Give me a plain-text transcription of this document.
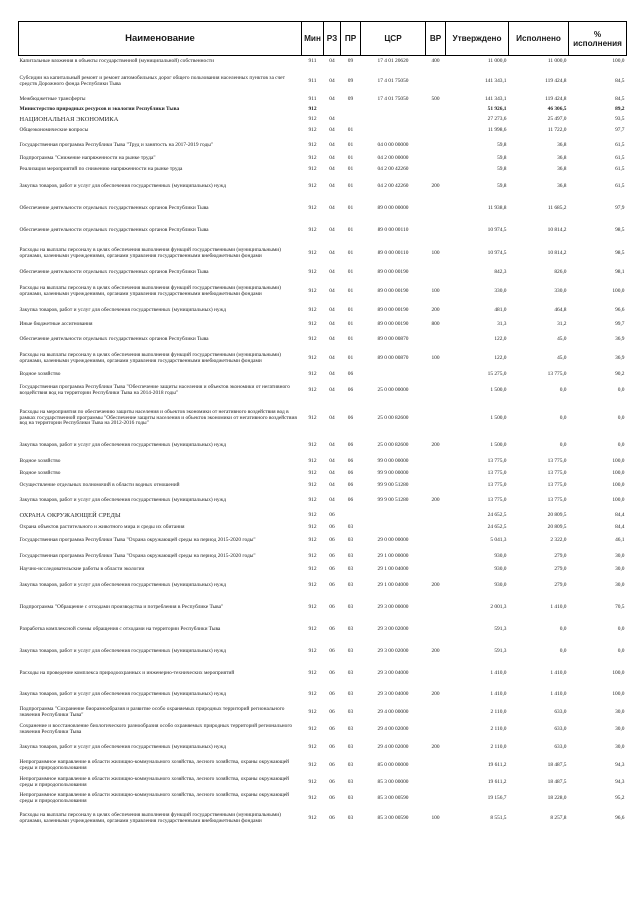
Наименование	Мин	РЗ	ПР	ЦСР	ВР	Утверждено	Исполнено	%
исполнения
Капитальные вложения в объекты государственной (муниципальной) собственности	911	04	09	17 4 01 20620	400	11 000,0	11 000,0	100,0
Субсидии на капитальный ремонт и ремонт автомобильных дорог общего пользования населенных пунктов за счет средств Дорожного фонда Республики Тыва	911	04	09	17 4 01 75050		141 343,1	119 424,8	84,5
Межбюджетные трансферты	911	04	09	17 4 01 75050	500	141 343,1	119 424,8	84,5
Министерство природных ресурсов и экологии Республики Тыва	912					51 926,1	46 306,5	89,2
НАЦИОНАЛЬНАЯ ЭКОНОМИКА	912	04				27 273,6	25 497,0	93,5
Общеэкономические вопросы	912	04	01			11 998,6	11 722,0	97,7
Государственная программа Республики Тыва "Труд и занятость на 2017-2019 годы"	912	04	01	04 0 00 00000		59,8	36,8	61,5
Подпрограмма "Снижение напряженности на рынке труда"	912	04	01	04 2 00 00000		59,8	36,8	61,5
Реализация мероприятий по снижению напряженности на рынке труда	912	04	01	04 2 00 42260		59,8	36,8	61,5
Закупка товаров, работ и услуг для обеспечения государственных (муниципальных) нужд	912	04	01	04 2 00 42260	200	59,8	36,8	61,5
Обеспечение деятельности отдельных государственных органов Республики Тыва	912	04	01	89 0 00 00000		11 938,8	11 685,2	97,9
Обеспечение деятельности отдельных государственных органов Республики Тыва	912	04	01	89 0 00 00110		10 974,5	10 814,2	98,5
Расходы на выплаты персоналу в целях обеспечения выполнения функций государственными (муниципальными) органами, казенными учреждениями, органами управления государственными внебюджетными фондами	912	04	01	89 0 00 00110	100	10 974,5	10 814,2	98,5
Обеспечение деятельности отдельных государственных органов Республики Тыва	912	04	01	89 0 00 00190		842,3	826,0	98,1
Расходы на выплаты персоналу в целях обеспечения выполнения функций государственными (муниципальными) органами, казенными учреждениями, органами управления государственными внебюджетными фондами	912	04	01	89 0 00 00190	100	330,0	330,0	100,0
Закупка товаров, работ и услуг для обеспечения государственных (муниципальных) нужд	912	04	01	89 0 00 00190	200	481,0	464,8	96,6
Иные бюджетные ассигнования	912	04	01	89 0 00 00190	800	31,3	31,2	99,7
Обеспечение деятельности отдельных государственных органов Республики Тыва	912	04	01	89 0 00 00870		122,0	45,0	36,9
Расходы на выплаты персоналу в целях обеспечения выполнения функций государственными (муниципальными) органами, казенными учреждениями, органами управления государственными внебюджетными фондами	912	04	01	89 0 00 00870	100	122,0	45,0	36,9
Водное хозяйство	912	04	06			15 275,0	13 775,0	90,2
Государственная программа Республики Тыва "Обеспечение защиты населения и объектов экономики от негативного воздействия вод на территории Республики Тыва на 2014-2018 годы"	912	04	06	25 0 00 00000		1 500,0	0,0	0,0
Расходы на мероприятия по обеспечению защиты населения и объектов экономики от негативного воздействия вод в рамках государственной программы "Обеспечение защиты населения и объектов экономики от негативного воздействия вод на территории Республики Тыва на 2012-2016 годы"	912	04	06	25 0 00 82600		1 500,0	0,0	0,0
Закупка товаров, работ и услуг для обеспечения государственных (муниципальных) нужд	912	04	06	25 0 00 82600	200	1 500,0	0,0	0,0
Водное хозяйство	912	04	06	99 0 00 00000		13 775,0	13 775,0	100,0
Водное хозяйство	912	04	06	99 9 00 00000		13 775,0	13 775,0	100,0
Осуществление отдельных полномочий в области водных отношений	912	04	06	99 9 00 51280		13 775,0	13 775,0	100,0
Закупка товаров, работ и услуг для обеспечения государственных (муниципальных) нужд	912	04	06	99 9 00 51280	200	13 775,0	13 775,0	100,0
ОХРАНА ОКРУЖАЮЩЕЙ СРЕДЫ	912	06				24 652,5	20 809,5	84,4
Охрана объектов растительного и животного мира и среды их обитания	912	06	03			24 652,5	20 809,5	84,4
Государственная программа Республики Тыва "Охрана окружающей среды на период 2015-2020 годы"	912	06	03	29 0 00 00000		5 041,3	2 322,0	46,1
Государственная программа Республики Тыва "Охрана окружающей среды на период 2015-2020 годы"	912	06	03	29 1 00 00000		930,0	279,0	30,0
Научно-исследовательские работы в области экологии	912	06	03	29 1 00 04000		930,0	279,0	30,0
Закупка товаров, работ и услуг для обеспечения государственных (муниципальных) нужд	912	06	03	29 1 00 04000	200	930,0	279,0	30,0
Подпрограмма "Обращение с отходами производства и потребления в Республике Тыва"	912	06	03	29 3 00 00000		2 001,3	1 410,0	70,5
Разработка комплексной схемы обращения с отходами на территории Республики Тыва	912	06	03	29 3 00 02000		591,3	0,0	0,0
Закупка товаров, работ и услуг для обеспечения государственных (муниципальных) нужд	912	06	03	29 3 00 02000	200	591,3	0,0	0,0
Расходы на проведение комплекса природоохранных и инженерно-технических мероприятий	912	06	03	29 3 00 04000		1 410,0	1 410,0	100,0
Закупка товаров, работ и услуг для обеспечения государственных (муниципальных) нужд	912	06	03	29 3 00 04000	200	1 410,0	1 410,0	100,0
Подпрограмма "Сохранение биоразнообразия и развитие особо охраняемых природных территорий регионального значения Республики Тыва"	912	06	03	29 4 00 00000		2 110,0	633,0	30,0
Сохранение и восстановление биологического разнообразия особо охраняемых природных территорий регионального значения Республики Тыва	912	06	03	29 4 00 02000		2 110,0	633,0	30,0
Закупка товаров, работ и услуг для обеспечения государственных (муниципальных) нужд	912	06	03	29 4 00 02000	200	2 110,0	633,0	30,0
Непрограммное направление в области жилищно-коммунального хозяйства, лесного хозяйства, охраны окружающей среды и природопользования	912	06	03	85 0 00 00000		19 611,2	18 487,5	94,3
Непрограммное направление в области жилищно-коммунального хозяйства, лесного хозяйства, охраны окружающей среды и природопользования	912	06	03	85 3 00 00000		19 611,2	18 487,5	94,3
Непрограммное направление в области жилищно-коммунального хозяйства, лесного хозяйства, охраны окружающей среды и природопользования	912	06	03	85 3 00 00590		19 156,7	18 228,0	95,2
Расходы на выплаты персоналу в целях обеспечения выполнения функций государственными (муниципальными) органами, казенными учреждениями, органами управления государственными внебюджетными фондами	912	06	03	85 3 00 00590	100	8 551,5	8 257,8	96,6
